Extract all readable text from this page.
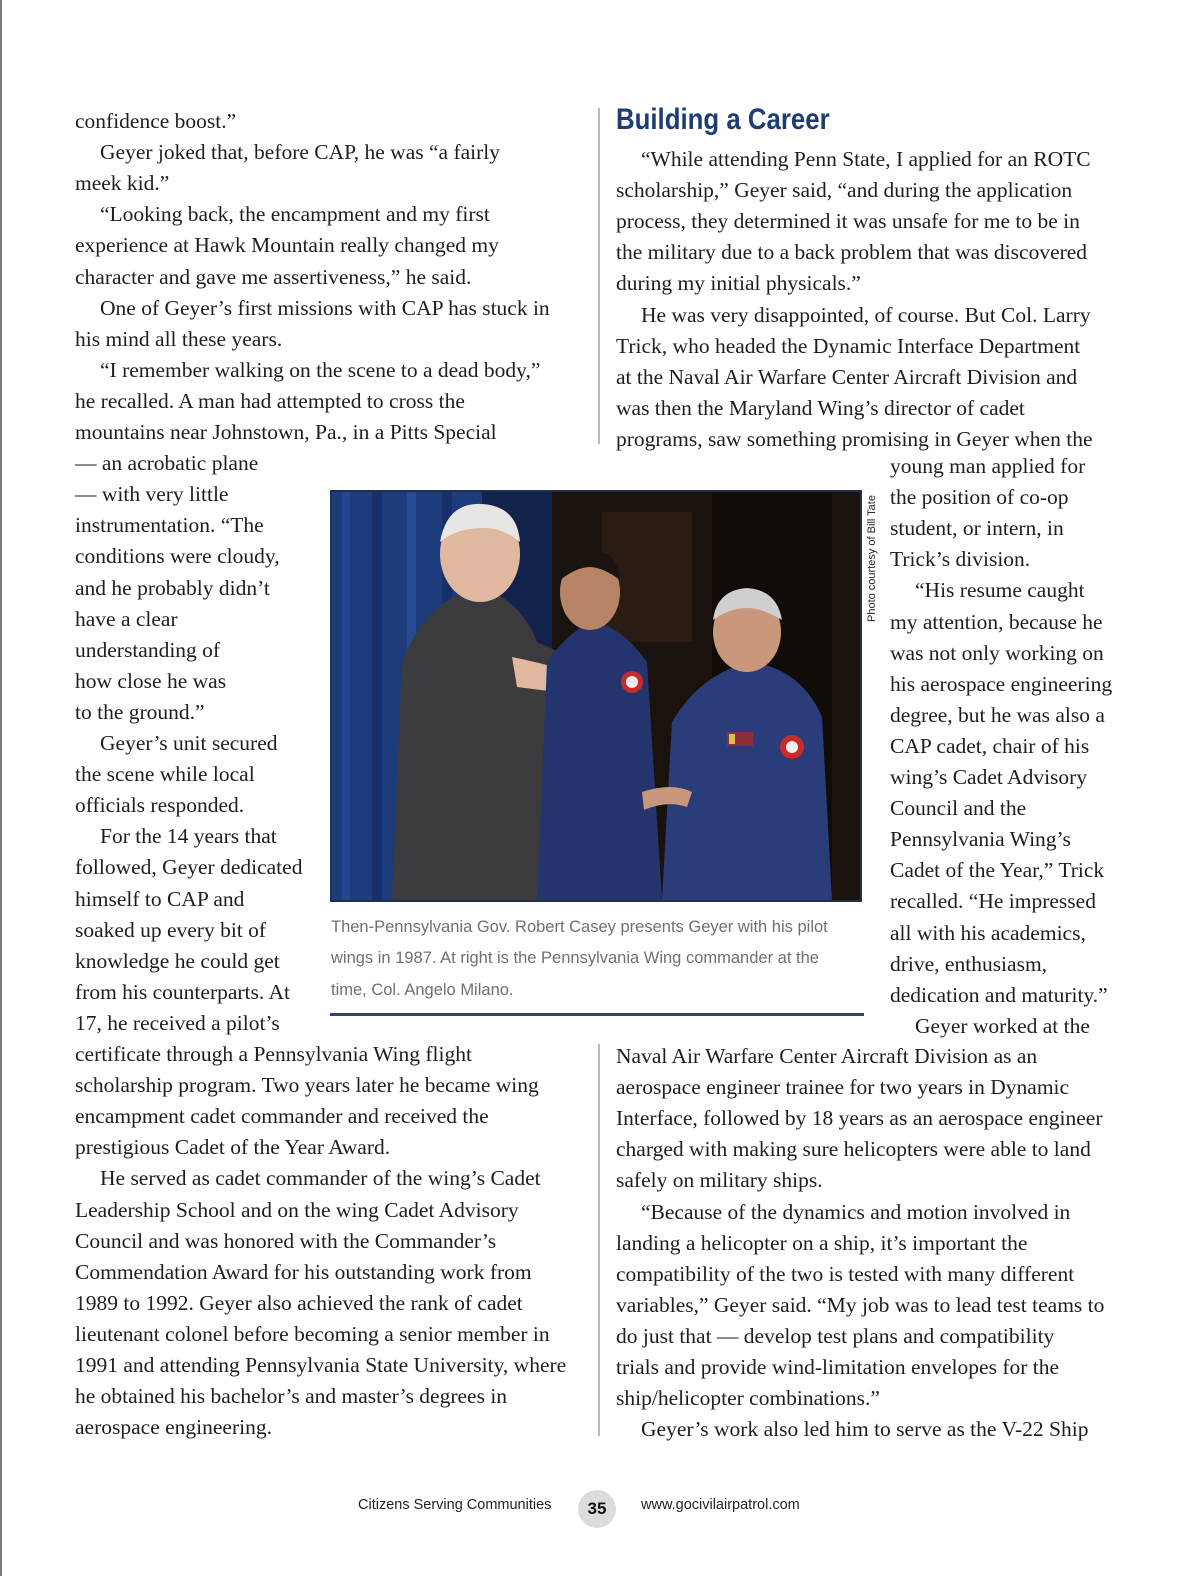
Building a Career
confidence boost.”
Geyer joked that, before CAP, he was “a fairly
meek kid.”
“Looking back, the encampment and my first
experience at Hawk Mountain really changed my
character and gave me assertiveness,” he said.
One of Geyer’s first missions with CAP has stuck in
his mind all these years.
“I remember walking on the scene to a dead body,”
he recalled. A man had attempted to cross the
mountains near Johnstown, Pa., in a Pitts Special
— an acrobatic plane
— with very little
instrumentation. “The
conditions were cloudy,
and he probably didn’t
have a clear
understanding of
how close he was
to the ground.”
Geyer’s unit secured
the scene while local
officials responded.
For the 14 years that
followed, Geyer dedicated
himself to CAP and
soaked up every bit of
knowledge he could get
from his counterparts. At
17, he received a pilot’s
certificate through a Pennsylvania Wing flight
scholarship program. Two years later he became wing
encampment cadet commander and received the
prestigious Cadet of the Year Award.
He served as cadet commander of the wing’s Cadet
Leadership School and on the wing Cadet Advisory
Council and was honored with the Commander’s
Commendation Award for his outstanding work from
1989 to 1992. Geyer also achieved the rank of cadet
lieutenant colonel before becoming a senior member in
1991 and attending Pennsylvania State University, where
he obtained his bachelor’s and master’s degrees in
aerospace engineering.
“While attending Penn State, I applied for an ROTC
scholarship,” Geyer said, “and during the application
process, they determined it was unsafe for me to be in
the military due to a back problem that was discovered
during my initial physicals.”
He was very disappointed, of course. But Col. Larry
Trick, who headed the Dynamic Interface Department
at the Naval Air Warfare Center Aircraft Division and
was then the Maryland Wing’s director of cadet
programs, saw something promising in Geyer when the
young man applied for
the position of co-op
student, or intern, in
Trick’s division.
“His resume caught
my attention, because he
was not only working on
his aerospace engineering
degree, but he was also a
CAP cadet, chair of his
wing’s Cadet Advisory
Council and the
Pennsylvania Wing’s
Cadet of the Year,” Trick
recalled. “He impressed
all with his academics,
drive, enthusiasm,
dedication and maturity.”
Geyer worked at the
Naval Air Warfare Center Aircraft Division as an
aerospace engineer trainee for two years in Dynamic
Interface, followed by 18 years as an aerospace engineer
charged with making sure helicopters were able to land
safely on military ships.
“Because of the dynamics and motion involved in
landing a helicopter on a ship, it’s important the
compatibility of the two is tested with many different
variables,” Geyer said. “My job was to lead test teams to
do just that — develop test plans and compatibility
trials and provide wind-limitation envelopes for the
ship/helicopter combinations.”
Geyer’s work also led him to serve as the V-22 Ship
Photo courtesy of Bill Tate
Then-Pennsylvania Gov. Robert Casey presents Geyer with his pilot
wings in 1987. At right is the Pennsylvania Wing commander at the
time, Col. Angelo Milano.
Citizens Serving Communities	35	www.gocivilairpatrol.com
